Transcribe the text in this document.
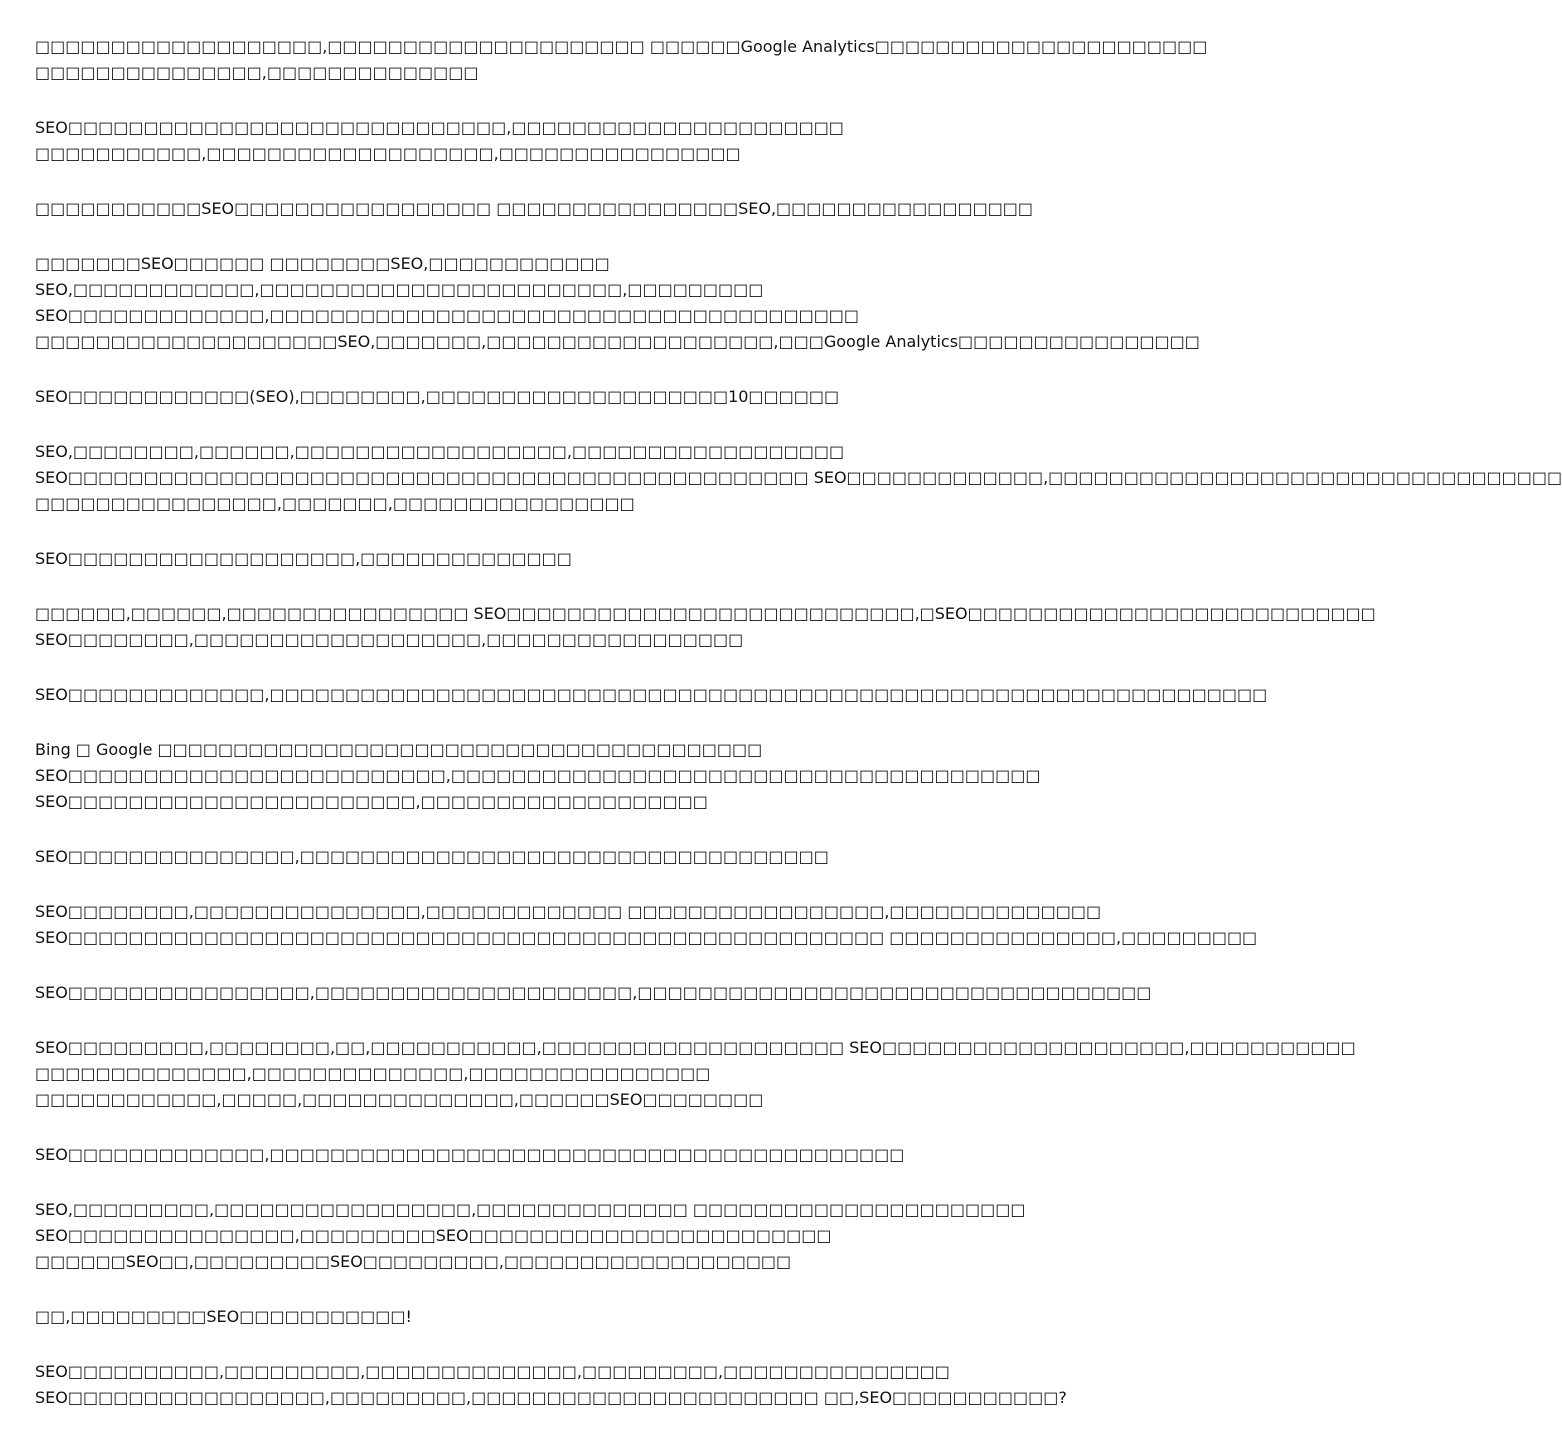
□□□□□□□□□□□□□□□□□□□,□□□□□□□□□□□□□□□□□□□□□ □□□□□□Google Analytics□□□□□□□□□□□□□□□□□□□□□□
□□□□□□□□□□□□□□□,□□□□□□□□□□□□□□
SEO□□□□□□□□□□□□□□□□□□□□□□□□□□□□□,□□□□□□□□□□□□□□□□□□□□□□
□□□□□□□□□□□,□□□□□□□□□□□□□□□□□□□,□□□□□□□□□□□□□□□□
□□□□□□□□□□□SEO□□□□□□□□□□□□□□□□□ □□□□□□□□□□□□□□□□SEO,□□□□□□□□□□□□□□□□□
□□□□□□□SEO□□□□□□ □□□□□□□□SEO,□□□□□□□□□□□□
SEO,□□□□□□□□□□□□,□□□□□□□□□□□□□□□□□□□□□□□□,□□□□□□□□□
SEO□□□□□□□□□□□□□,□□□□□□□□□□□□□□□□□□□□□□□□□□□□□□□□□□□□□□□
□□□□□□□□□□□□□□□□□□□□SEO,□□□□□□□,□□□□□□□□□□□□□□□□□□□,□□□Google Analytics□□□□□□□□□□□□□□□□
SEO□□□□□□□□□□□□(SEO),□□□□□□□□,□□□□□□□□□□□□□□□□□□□□10□□□□□□
SEO,□□□□□□□□,□□□□□□,□□□□□□□□□□□□□□□□□□,□□□□□□□□□□□□□□□□□□
SEO□□□□□□□□□□□□□□□□□□□□□□□□□□□□□□□□□□□□□□□□□□□□□□□□□ SEO□□□□□□□□□□□□□,□□□□□□□□□□□□□□□□□□□□□□□□□□□□□□□□□□
□□□□□□□□□□□□□□□□,□□□□□□□,□□□□□□□□□□□□□□□□
SEO□□□□□□□□□□□□□□□□□□□,□□□□□□□□□□□□□□
□□□□□□,□□□□□□,□□□□□□□□□□□□□□□□ SEO□□□□□□□□□□□□□□□□□□□□□□□□□□□,□SEO□□□□□□□□□□□□□□□□□□□□□□□□□□□
SEO□□□□□□□□,□□□□□□□□□□□□□□□□□□□,□□□□□□□□□□□□□□□□□
SEO□□□□□□□□□□□□□,□□□□□□□□□□□□□□□□□□□□□□□□□□□□□□□□□□□□□□□□□□□□□□□□□□□□□□□□□□□□□□□□□□
Bing □ Google □□□□□□□□□□□□□□□□□□□□□□□□□□□□□□□□□□□□□□□□
SEO□□□□□□□□□□□□□□□□□□□□□□□□□,□□□□□□□□□□□□□□□□□□□□□□□□□□□□□□□□□□□□□□□
SEO□□□□□□□□□□□□□□□□□□□□□□□,□□□□□□□□□□□□□□□□□□□
SEO□□□□□□□□□□□□□□□,□□□□□□□□□□□□□□□□□□□□□□□□□□□□□□□□□□□
SEO□□□□□□□□,□□□□□□□□□□□□□□□,□□□□□□□□□□□□□ □□□□□□□□□□□□□□□□□,□□□□□□□□□□□□□□
SEO□□□□□□□□□□□□□□□□□□□□□□□□□□□□□□□□□□□□□□□□□□□□□□□□□□□□□□ □□□□□□□□□□□□□□□,□□□□□□□□□
SEO□□□□□□□□□□□□□□□□,□□□□□□□□□□□□□□□□□□□□□,□□□□□□□□□□□□□□□□□□□□□□□□□□□□□□□□□□
SEO□□□□□□□□□,□□□□□□□□,□□,□□□□□□□□□□□,□□□□□□□□□□□□□□□□□□□□ SEO□□□□□□□□□□□□□□□□□□□□,□□□□□□□□□□□
□□□□□□□□□□□□□□,□□□□□□□□□□□□□□,□□□□□□□□□□□□□□□□
□□□□□□□□□□□□,□□□□□,□□□□□□□□□□□□□□,□□□□□□SEO□□□□□□□□
SEO□□□□□□□□□□□□□,□□□□□□□□□□□□□□□□□□□□□□□□□□□□□□□□□□□□□□□□□□
SEO,□□□□□□□□□,□□□□□□□□□□□□□□□□□,□□□□□□□□□□□□□□ □□□□□□□□□□□□□□□□□□□□□□
SEO□□□□□□□□□□□□□□□,□□□□□□□□□SEO□□□□□□□□□□□□□□□□□□□□□□□□
□□□□□□SEO□□,□□□□□□□□□SEO□□□□□□□□□,□□□□□□□□□□□□□□□□□□□
□□,□□□□□□□□□SEO□□□□□□□□□□□!
SEO□□□□□□□□□□,□□□□□□□□□,□□□□□□□□□□□□□□,□□□□□□□□□,□□□□□□□□□□□□□□□
SEO□□□□□□□□□□□□□□□□□,□□□□□□□□□,□□□□□□□□□□□□□□□□□□□□□□□ □□,SEO□□□□□□□□□□□?
